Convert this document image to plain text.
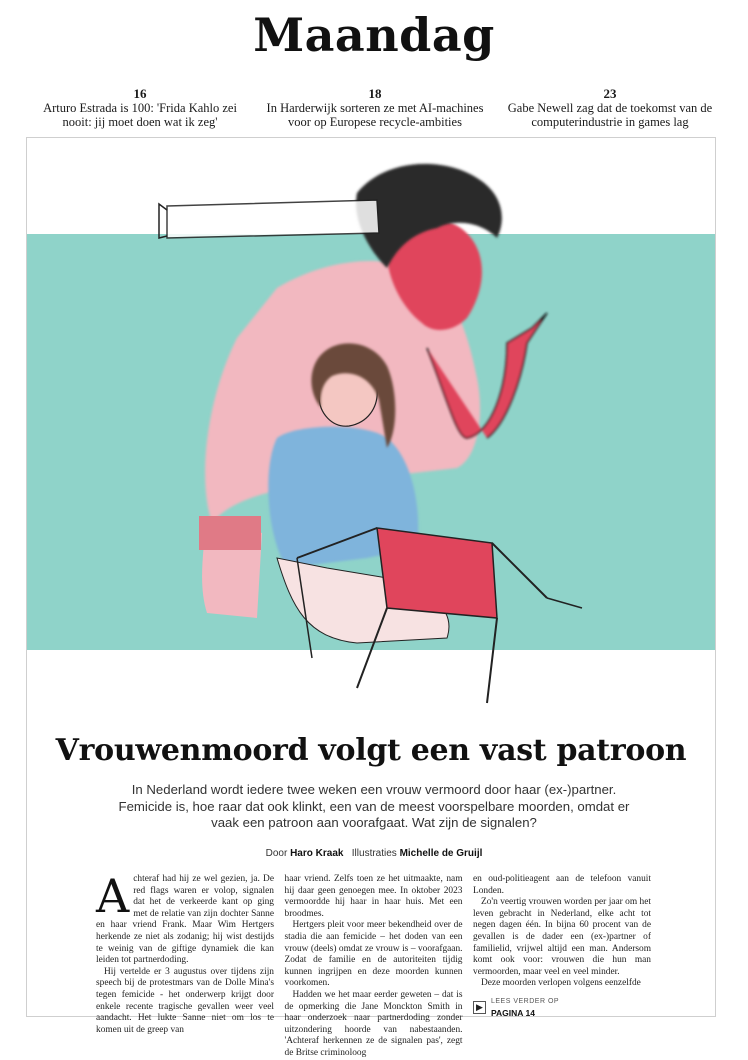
Maandag
16
Arturo Estrada is 100: 'Frida Kahlo zei nooit: jij moet doen wat ik zeg'
18
In Harderwijk sorteren ze met AI-machines voor op Europese recycle-ambities
23
Gabe Newell zag dat de toekomst van de computerindustrie in games lag
Vrouwenmoord volgt een vast patroon
In Nederland wordt iedere twee weken een vrouw vermoord door haar (ex-)partner. Femicide is, hoe raar dat ook klinkt, een van de meest voorspelbare moorden, omdat er vaak een patroon aan voorafgaat. Wat zijn de signalen?
Door Haro Kraak Illustraties Michelle de Gruijl

Achteraf had hij ze wel gezien, ja. De red flags waren er volop, signalen dat het de verkeerde kant op ging met de relatie van zijn dochter Sanne en haar vriend Frank. Maar Wim Hertgers herkende ze niet als zodanig; hij wist destijds te weinig van de giftige dynamiek die kan leiden tot partnerdoding.

Hij vertelde er 3 augustus over tijdens zijn speech bij de protestmars van de Dolle Mina's tegen femicide - het onderwerp krijgt door enkele recente tragische gevallen weer veel aandacht. Het lukte Sanne niet om los te komen uit de greep van

haar vriend. Zelfs toen ze het uitmaakte, nam hij daar geen genoegen mee. In oktober 2023 vermoordde hij haar in haar huis. Met een broodmes.

Hertgers pleit voor meer bekendheid over de stadia die aan femicide – het doden van een vrouw (deels) omdat ze vrouw is – voorafgaan. Zodat de familie en de autoriteiten tijdig kunnen ingrijpen en deze moorden kunnen voorkomen.

Hadden we het maar eerder geweten – dat is de opmerking die Jane Monckton Smith in haar onderzoek naar partnerdoding zonder uitzondering hoorde van nabestaanden. 'Achteraf herkennen ze de signalen pas', zegt de Britse criminoloog

en oud-politieagent aan de telefoon vanuit Londen.

Zo'n veertig vrouwen worden per jaar om het leven gebracht in Nederland, elke acht tot negen dagen één. In bijna 60 procent van de gevallen is de dader een (ex-)partner of familielid, vrijwel altijd een man. Andersom komt ook voor: vrouwen die hun man vermoorden, maar veel en veel minder.

Deze moorden verlopen volgens eenzelfde

▶
LEES VERDER OP
PAGINA 14
